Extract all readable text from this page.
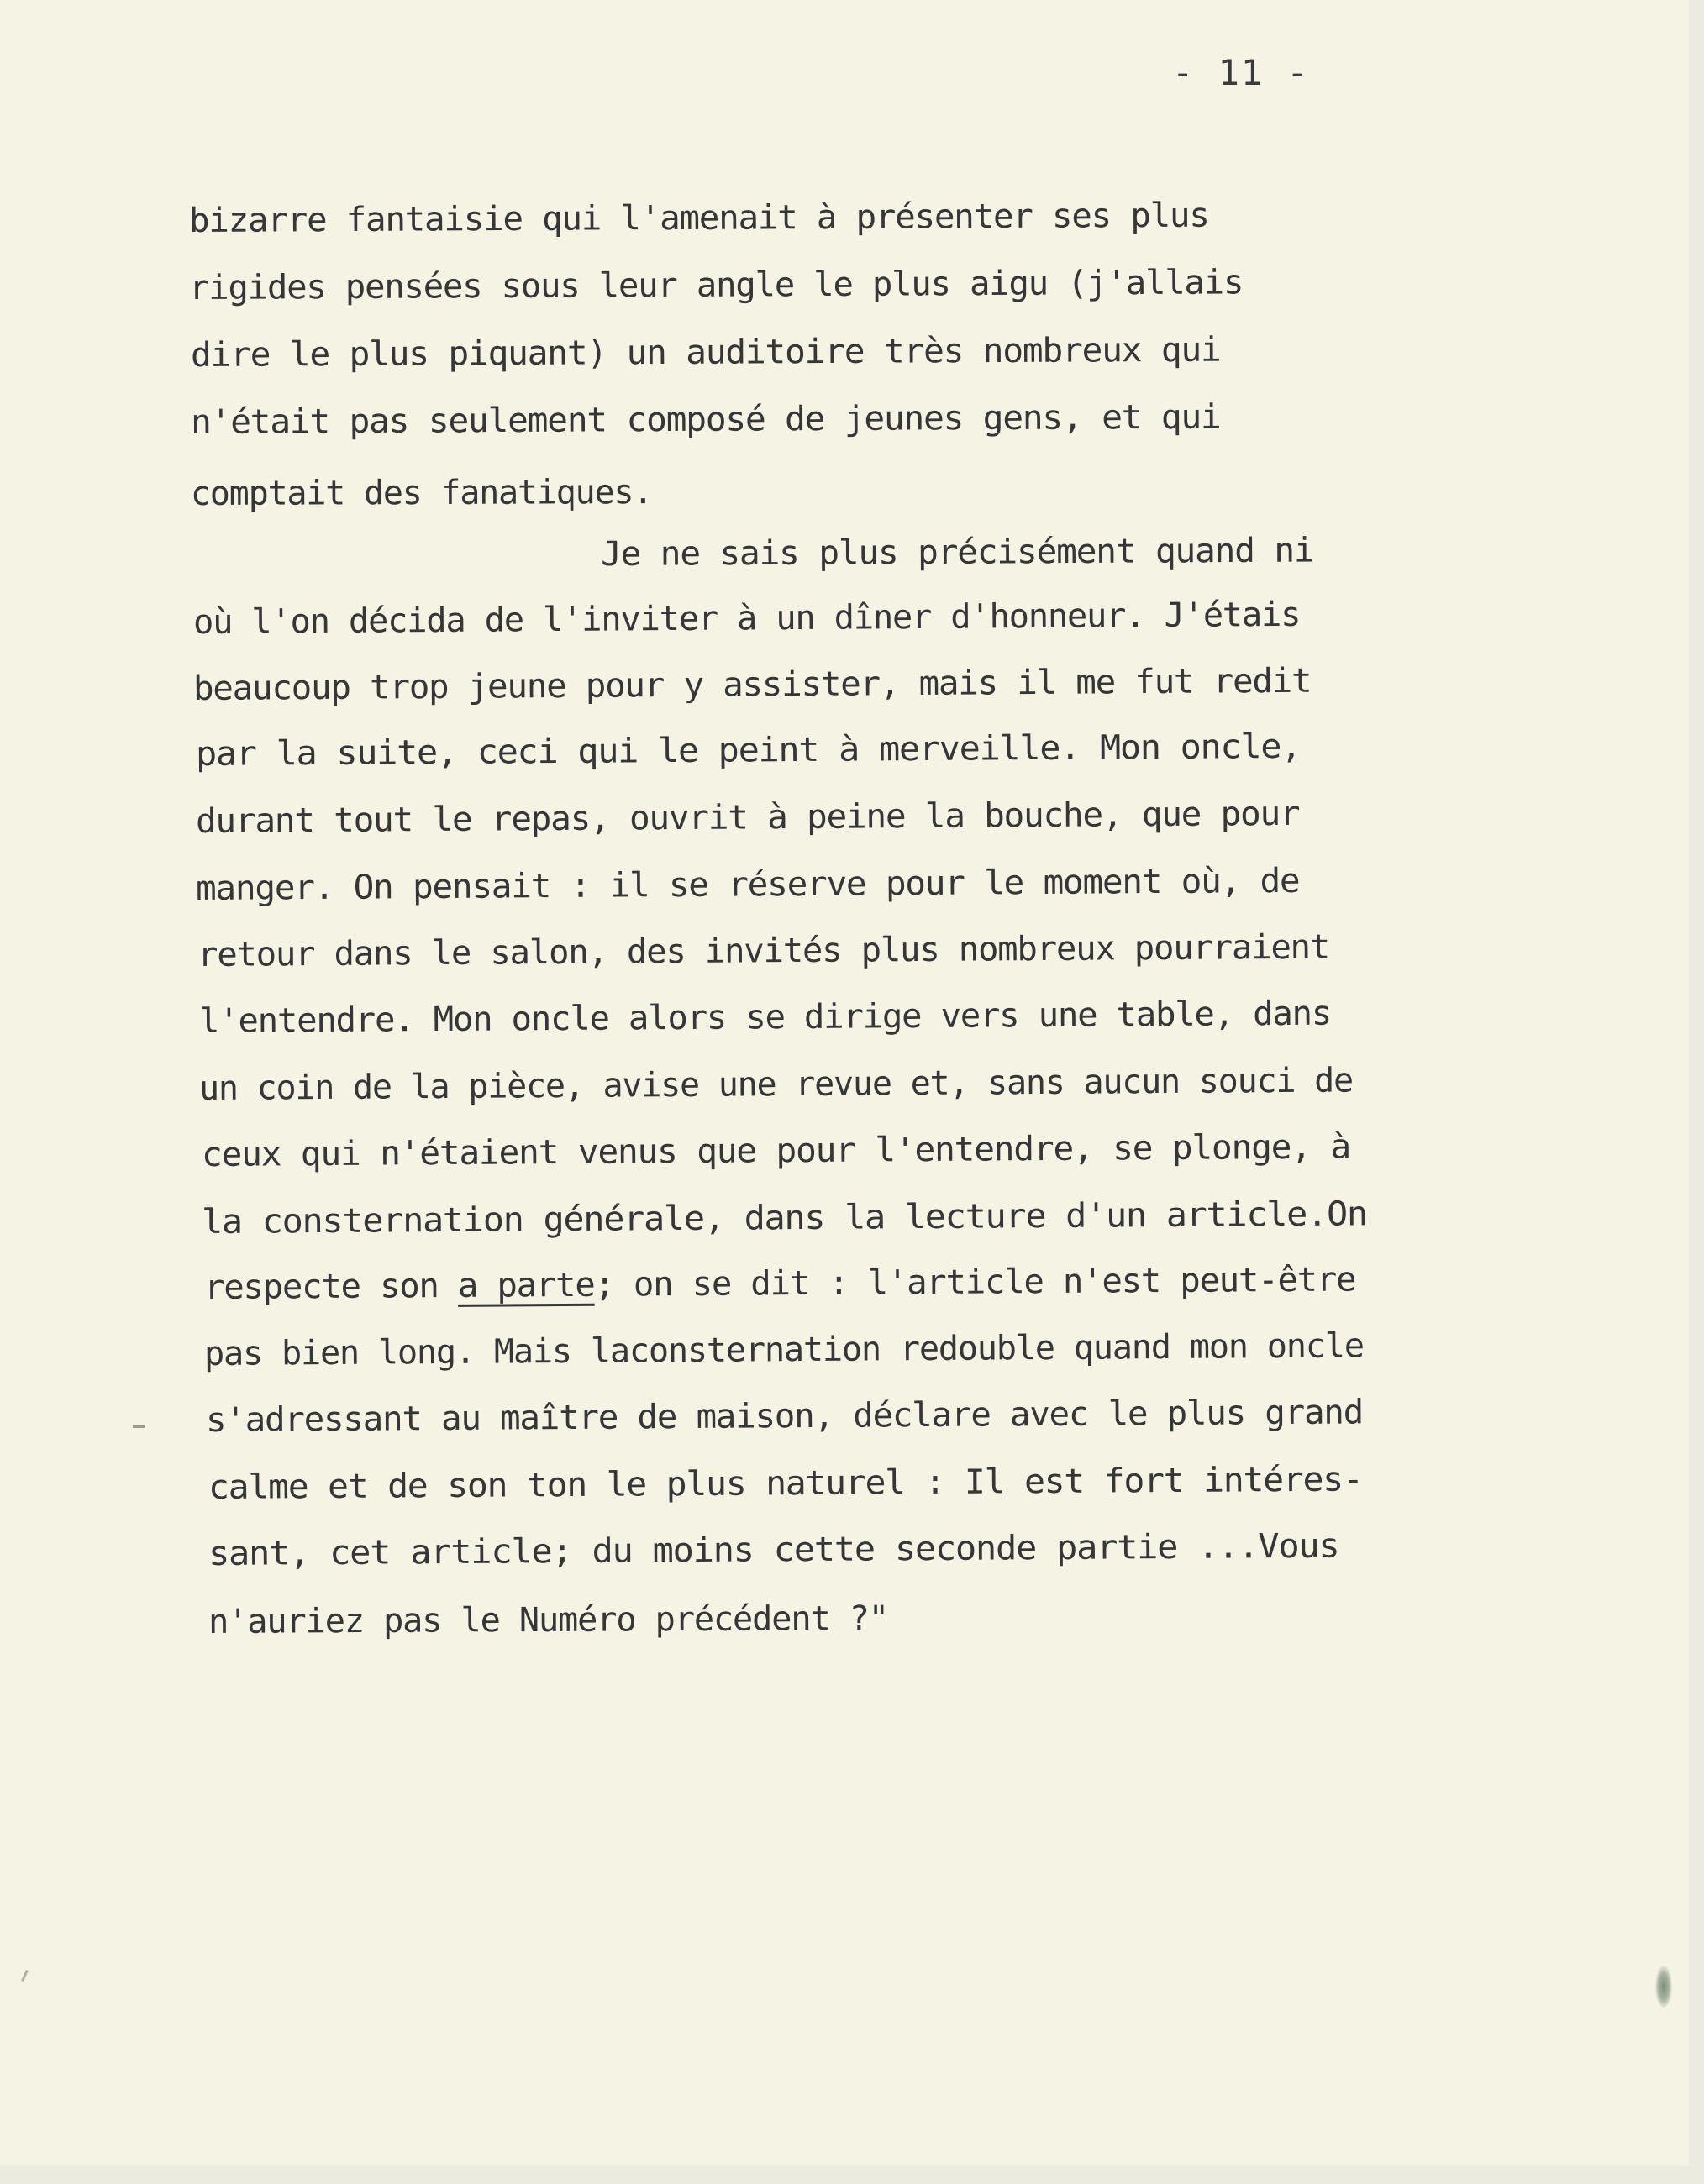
- 11 -
bizarre fantaisie qui l'amenait à présenter ses plus
rigides pensées sous leur angle le plus aigu (j'allais
dire le plus piquant) un auditoire très nombreux qui
n'était pas seulement composé de jeunes gens, et qui
comptait des fanatiques.
Je ne sais plus précisément quand ni
où l'on décida de l'inviter à un dîner d'honneur. J'étais
beaucoup trop jeune pour y assister, mais il me fut redit
par la suite, ceci qui le peint à merveille. Mon oncle,
durant tout le repas, ouvrit à peine la bouche, que pour
manger. On pensait : il se réserve pour le moment où, de
retour dans le salon, des invités plus nombreux pourraient
l'entendre. Mon oncle alors se dirige vers une table, dans
un coin de la pièce, avise une revue et, sans aucun souci de
ceux qui n'étaient venus que pour l'entendre, se plonge, à
la consternation générale, dans la lecture d'un article.On
respecte son a parte; on se dit : l'article n'est peut-être
pas bien long. Mais laconsternation redouble quand mon oncle
s'adressant au maître de maison, déclare avec le plus grand
calme et de son ton le plus naturel : Il est fort intéres-
sant, cet article; du moins cette seconde partie ...Vous
n'auriez pas le Numéro précédent ?"
